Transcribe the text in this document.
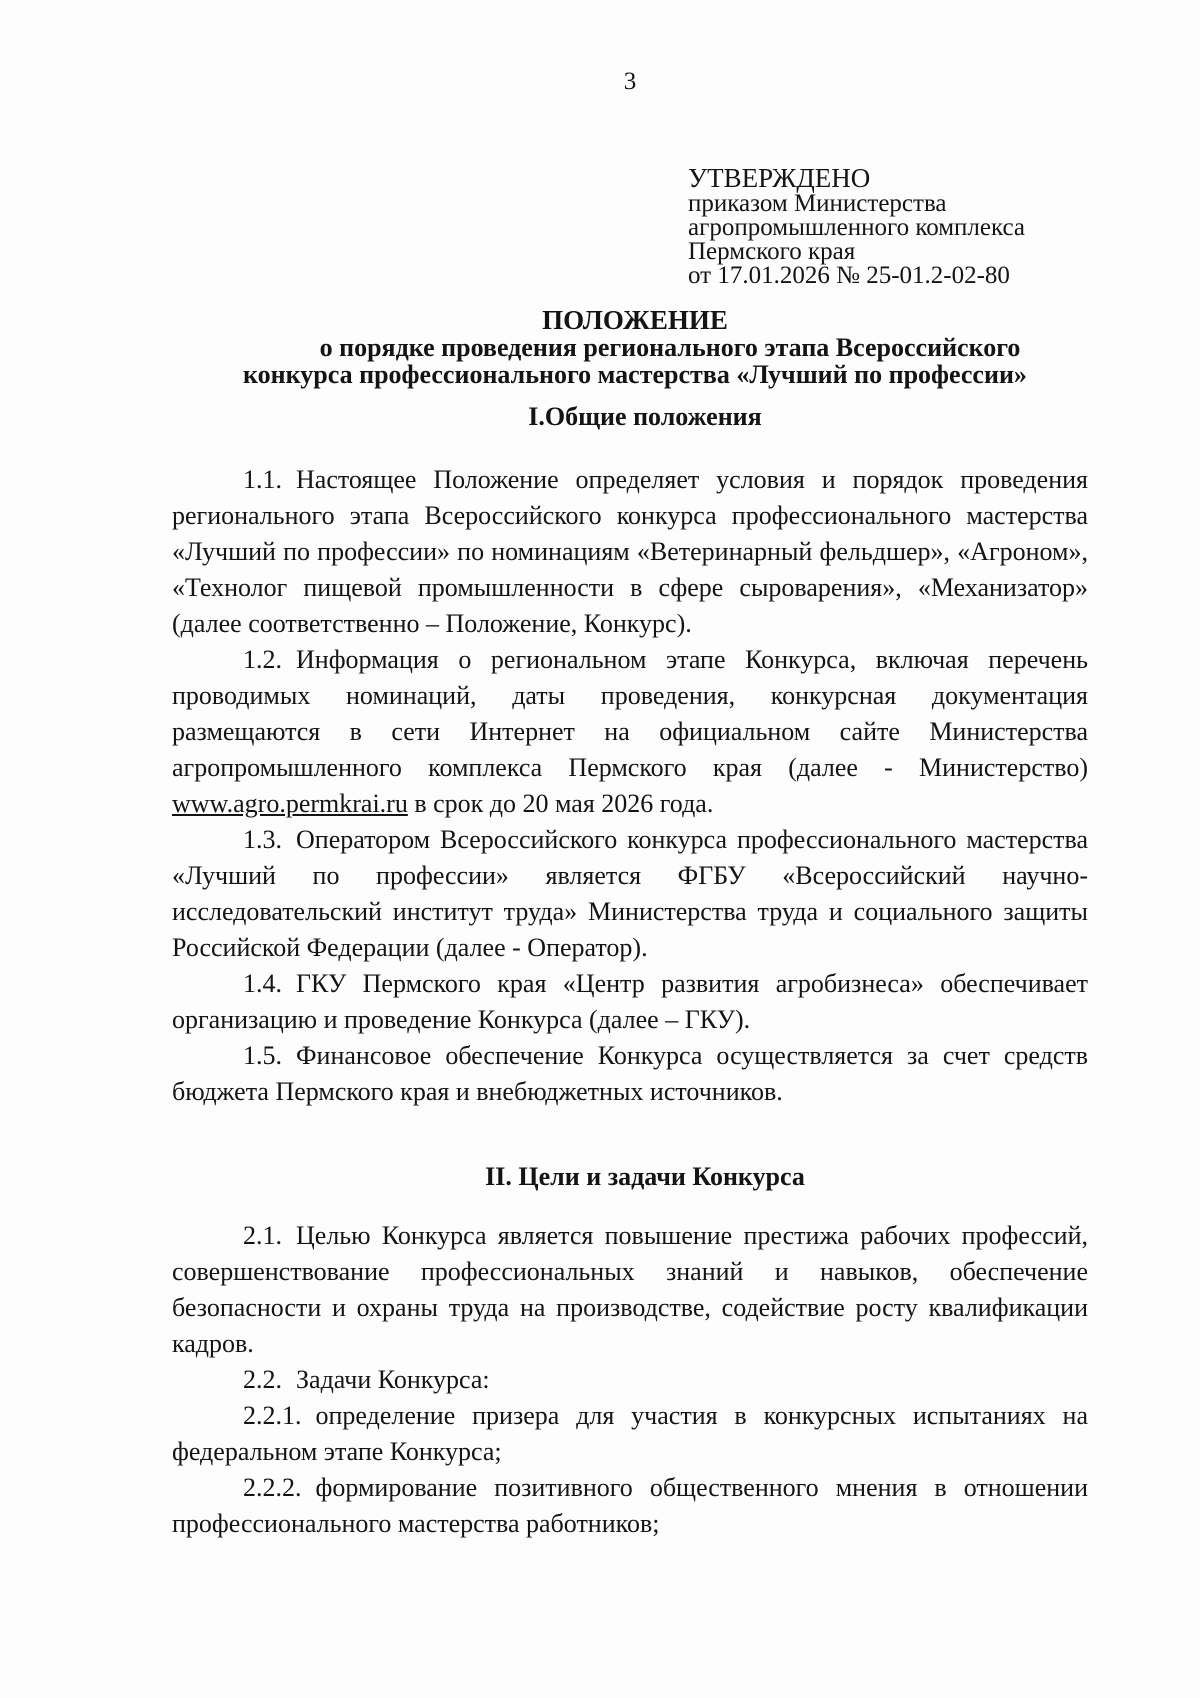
3
УТВЕРЖДЕНО
приказом Министерства
агропромышленного комплекса
Пермского края
от 17.01.2026 № 25-01.2-02-80
ПОЛОЖЕНИЕ
о порядке проведения регионального этапа Всероссийского
конкурса профессионального мастерства «Лучший по профессии»
I.Общие положения

1.1. Настоящее Положение определяет условия и порядок проведения регионального этапа Всероссийского конкурса профессионального мастерства «Лучший по профессии» по номинациям «Ветеринарный фельдшер», «Агроном», «Технолог пищевой промышленности в сфере сыроварения», «Механизатор» (далее соответственно – Положение, Конкурс).

1.2. Информация о региональном этапе Конкурса, включая перечень проводимых номинаций, даты проведения, конкурсная документация размещаются в сети Интернет на официальном сайте Министерства агропромышленного комплекса Пермского края (далее - Министерство) www.agro.permkrai.ru в срок до 20 мая 2026 года.

1.3. Оператором Всероссийского конкурса профессионального мастерства «Лучший по профессии» является ФГБУ «Всероссийский научно-исследовательский институт труда» Министерства труда и социального защиты Российской Федерации (далее - Оператор).

1.4. ГКУ Пермского края «Центр развития агробизнеса» обеспечивает организацию и проведение Конкурса (далее – ГКУ).

1.5. Финансовое обеспечение Конкурса осуществляется за счет средств бюджета Пермского края и внебюджетных источников.

II. Цели и задачи Конкурса

2.1. Целью Конкурса является повышение престижа рабочих профессий, совершенствование профессиональных знаний и навыков, обеспечение безопасности и охраны труда на производстве, содействие росту квалификации кадров.

2.2. Задачи Конкурса:

2.2.1. определение призера для участия в конкурсных испытаниях на федеральном этапе Конкурса;

2.2.2. формирование позитивного общественного мнения в отношении профессионального мастерства работников;
